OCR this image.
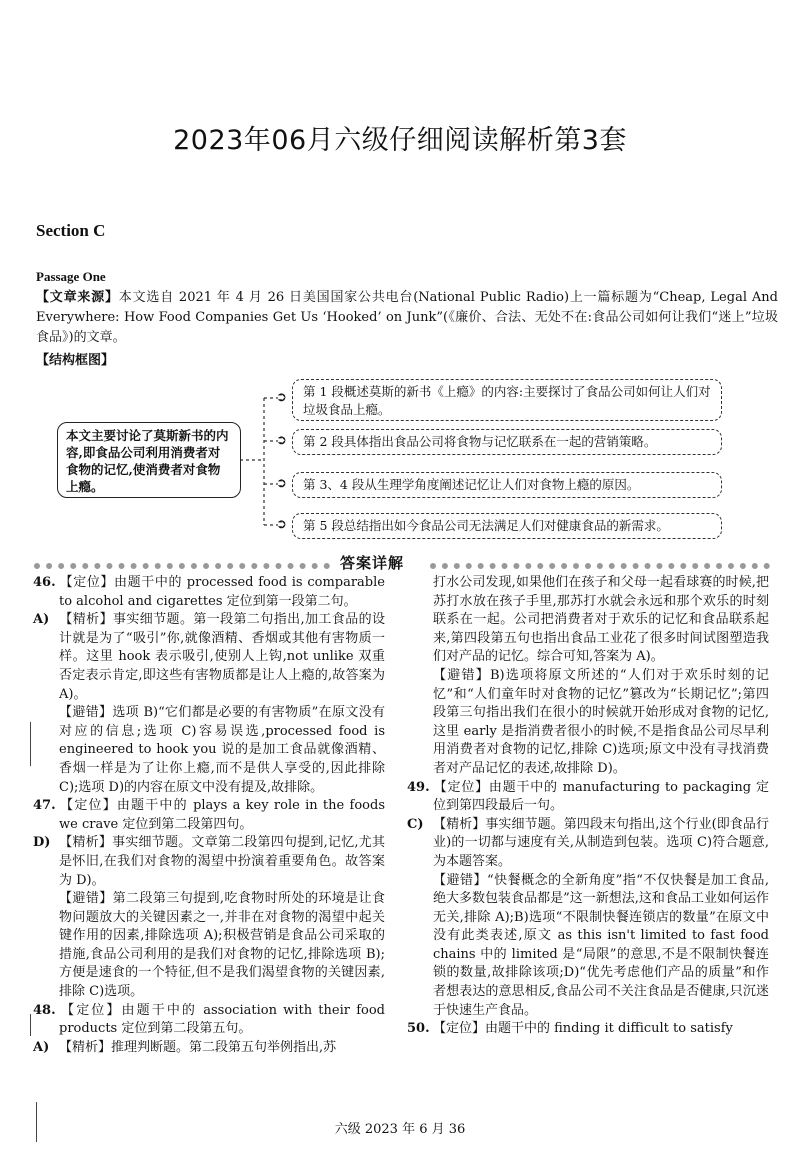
2023年06月六级仔细阅读解析第3套
Section C
Passage One
【文章来源】本文选自 2021 年 4 月 26 日美国国家公共电台(National Public Radio)上一篇标题为“Cheap, Legal And Everywhere: How Food Companies Get Us ‘Hooked’ on Junk”(《廉价、合法、无处不在:食品公司如何让我们“迷上”垃圾食品》)的文章。
【结构框图】
本文主要讨论了莫斯新书的内容,即食品公司利用消费者对食物的记忆,使消费者对食物上瘾。
➲	第 1 段概述莫斯的新书《上瘾》的内容:主要探讨了食品公司如何让人们对垃圾食品上瘾。
➲	第 2 段具体指出食品公司将食物与记忆联系在一起的营销策略。
➲	第 3、4 段从生理学角度阐述记忆让人们对食物上瘾的原因。
➲	第 5 段总结指出如今食品公司无法满足人们对健康食品的新需求。
答案详解

46. 【定位】由题干中的 processed food is comparable to alcohol and cigarettes 定位到第一段第二句。

A) 【精析】事实细节题。第一段第二句指出,加工食品的设计就是为了“吸引”你,就像酒精、香烟或其他有害物质一样。这里 hook 表示吸引,使别人上钩,not unlike 双重否定表示肯定,即这些有害物质都是让人上瘾的,故答案为 A)。

【避错】选项 B)“它们都是必要的有害物质”在原文没有对应的信息;选项 C)容易误选,processed food is engineered to hook you 说的是加工食品就像酒精、香烟一样是为了让你上瘾,而不是供人享受的,因此排除 C);选项 D)的内容在原文中没有提及,故排除。

47. 【定位】由题干中的 plays a key role in the foods we crave 定位到第二段第四句。

D) 【精析】事实细节题。文章第二段第四句提到,记忆,尤其是怀旧,在我们对食物的渴望中扮演着重要角色。故答案为 D)。

【避错】第二段第三句提到,吃食物时所处的环境是让食物问题放大的关键因素之一,并非在对食物的渴望中起关键作用的因素,排除选项 A);积极营销是食品公司采取的措施,食品公司利用的是我们对食物的记忆,排除选项 B);方便是速食的一个特征,但不是我们渴望食物的关键因素,排除 C)选项。

48. 【定位】由题干中的 association with their food products 定位到第二段第五句。

A) 【精析】推理判断题。第二段第五句举例指出,苏

打水公司发现,如果他们在孩子和父母一起看球赛的时候,把苏打水放在孩子手里,那苏打水就会永远和那个欢乐的时刻联系在一起。公司把消费者对于欢乐的记忆和食品联系起来,第四段第五句也指出食品工业花了很多时间试图塑造我们对产品的记忆。综合可知,答案为 A)。

【避错】B)选项将原文所述的“人们对于欢乐时刻的记忆”和“人们童年时对食物的记忆”篡改为“长期记忆”;第四段第三句指出我们在很小的时候就开始形成对食物的记忆,这里 early 是指消费者很小的时候,不是指食品公司尽早利用消费者对食物的记忆,排除 C)选项;原文中没有寻找消费者对产品记忆的表述,故排除 D)。

49. 【定位】由题干中的 manufacturing to packaging 定位到第四段最后一句。

C) 【精析】事实细节题。第四段末句指出,这个行业(即食品行业)的一切都与速度有关,从制造到包装。选项 C)符合题意,为本题答案。

【避错】“快餐概念的全新角度”指“不仅快餐是加工食品,绝大多数包装食品都是”这一新想法,这和食品工业如何运作无关,排除 A);B)选项“不限制快餐连锁店的数量”在原文中没有此类表述,原文 as this isn't limited to fast food chains 中的 limited 是“局限”的意思,不是不限制快餐连锁的数量,故排除该项;D)“优先考虑他们产品的质量”和作者想表达的意思相反,食品公司不关注食品是否健康,只沉迷于快速生产食品。

50. 【定位】由题干中的 finding it difficult to satisfy

六级 2023 年 6 月 36
